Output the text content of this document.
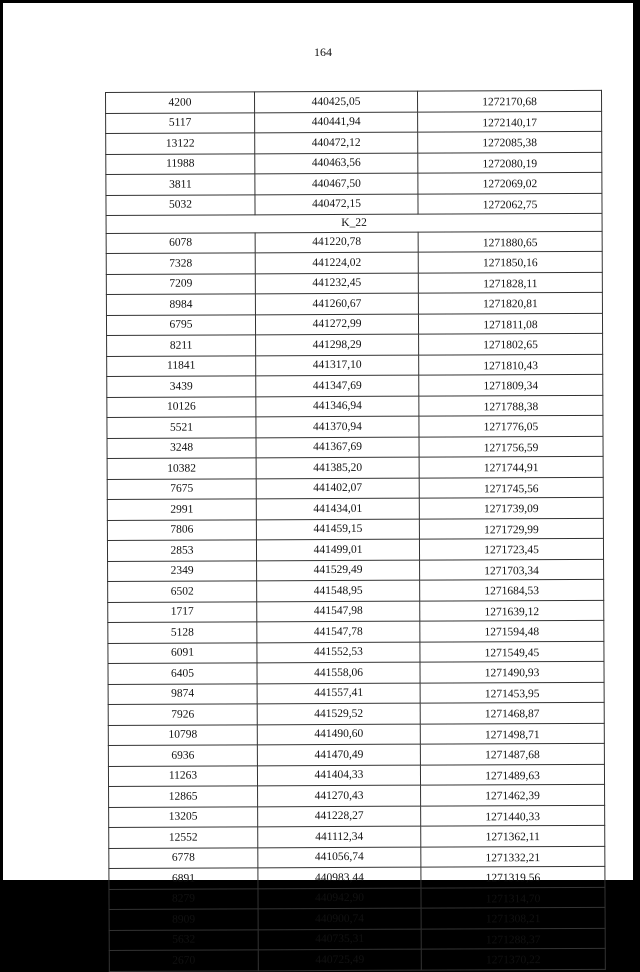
164
4200	440425,05	1272170,68
5117	440441,94	1272140,17
13122	440472,12	1272085,38
11988	440463,56	1272080,19
3811	440467,50	1272069,02
5032	440472,15	1272062,75
K_22		
6078	441220,78	1271880,65
7328	441224,02	1271850,16
7209	441232,45	1271828,11
8984	441260,67	1271820,81
6795	441272,99	1271811,08
8211	441298,29	1271802,65
11841	441317,10	1271810,43
3439	441347,69	1271809,34
10126	441346,94	1271788,38
5521	441370,94	1271776,05
3248	441367,69	1271756,59
10382	441385,20	1271744,91
7675	441402,07	1271745,56
2991	441434,01	1271739,09
7806	441459,15	1271729,99
2853	441499,01	1271723,45
2349	441529,49	1271703,34
6502	441548,95	1271684,53
1717	441547,98	1271639,12
5128	441547,78	1271594,48
6091	441552,53	1271549,45
6405	441558,06	1271490,93
9874	441557,41	1271453,95
7926	441529,52	1271468,87
10798	441490,60	1271498,71
6936	441470,49	1271487,68
11263	441404,33	1271489,63
12865	441270,43	1271462,39
13205	441228,27	1271440,33
12552	441112,34	1271362,11
6778	441056,74	1271332,21
6891	440983,44	1271319,56
8279	440942,90	1271314,70
8909	440900,74	1271308,21
5632	440735,31	1271288,37
2670	440725,49	1271370,22
